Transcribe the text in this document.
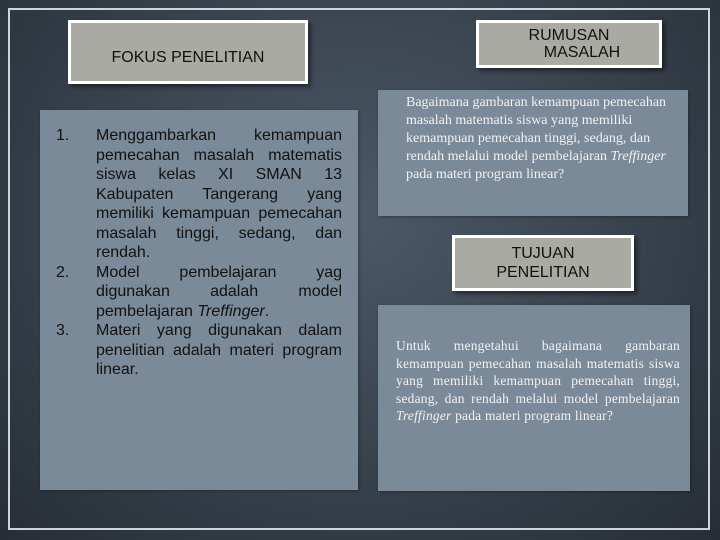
FOKUS PENELITIAN
1.	Menggambarkan kemampuan pemecahan masalah matematis siswa kelas XI SMAN 13 Kabupaten Tangerang yang memiliki kemampuan pemecahan masalah tinggi, sedang, dan rendah.
2.	Model pembelajaran yag digunakan adalah model pembelajaran Treffinger.
3.	Materi yang digunakan dalam penelitian adalah materi program linear.
RUMUSAN
MASALAH
Bagaimana gambaran kemampuan pemecahan masalah matematis siswa yang memiliki kemampuan pemecahan tinggi, sedang, dan rendah melalui model pembelajaran Treffinger pada materi program linear?
TUJUAN
PENELITIAN
Untuk mengetahui bagaimana gambaran kemampuan pemecahan masalah matematis siswa yang memiliki kemampuan pemecahan tinggi, sedang, dan rendah melalui model pembelajaran Treffinger pada materi program linear?
